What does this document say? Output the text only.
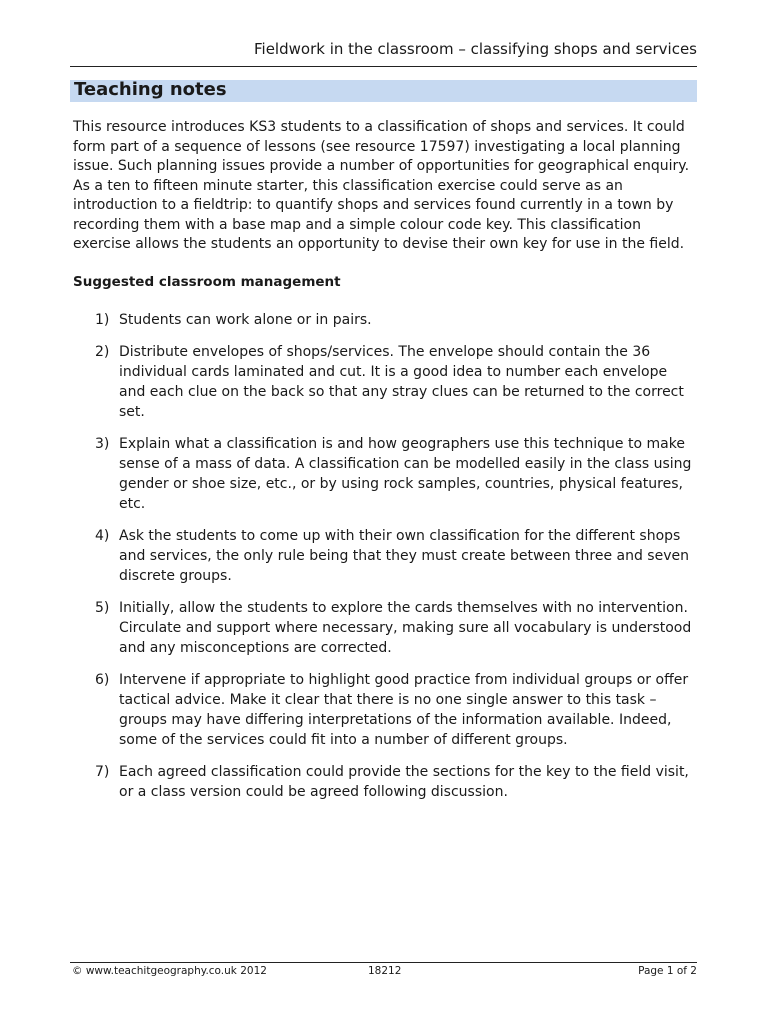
Fieldwork in the classroom – classifying shops and services
Teaching notes

This resource introduces KS3 students to a classification of shops and services. It could form part of a sequence of lessons (see resource 17597) investigating a local planning issue. Such planning issues provide a number of opportunities for geographical enquiry. As a ten to fifteen minute starter, this classification exercise could serve as an introduction to a fieldtrip: to quantify shops and services found currently in a town by recording them with a base map and a simple colour code key. This classification exercise allows the students an opportunity to devise their own key for use in the field.

Suggested classroom management

1) Students can work alone or in pairs.
2) Distribute envelopes of shops/services. The envelope should contain the 36 individual cards laminated and cut. It is a good idea to number each envelope and each clue on the back so that any stray clues can be returned to the correct set.
3) Explain what a classification is and how geographers use this technique to make sense of a mass of data. A classification can be modelled easily in the class using gender or shoe size, etc., or by using rock samples, countries, physical features, etc.
4) Ask the students to come up with their own classification for the different shops and services, the only rule being that they must create between three and seven discrete groups.
5) Initially, allow the students to explore the cards themselves with no intervention. Circulate and support where necessary, making sure all vocabulary is understood and any misconceptions are corrected.
6) Intervene if appropriate to highlight good practice from individual groups or offer tactical advice. Make it clear that there is no one single answer to this task – groups may have differing interpretations of the information available. Indeed, some of the services could fit into a number of different groups.
7) Each agreed classification could provide the sections for the key to the field visit, or a class version could be agreed following discussion.
© www.teachitgeography.co.uk 2012	18212	Page 1 of 2
